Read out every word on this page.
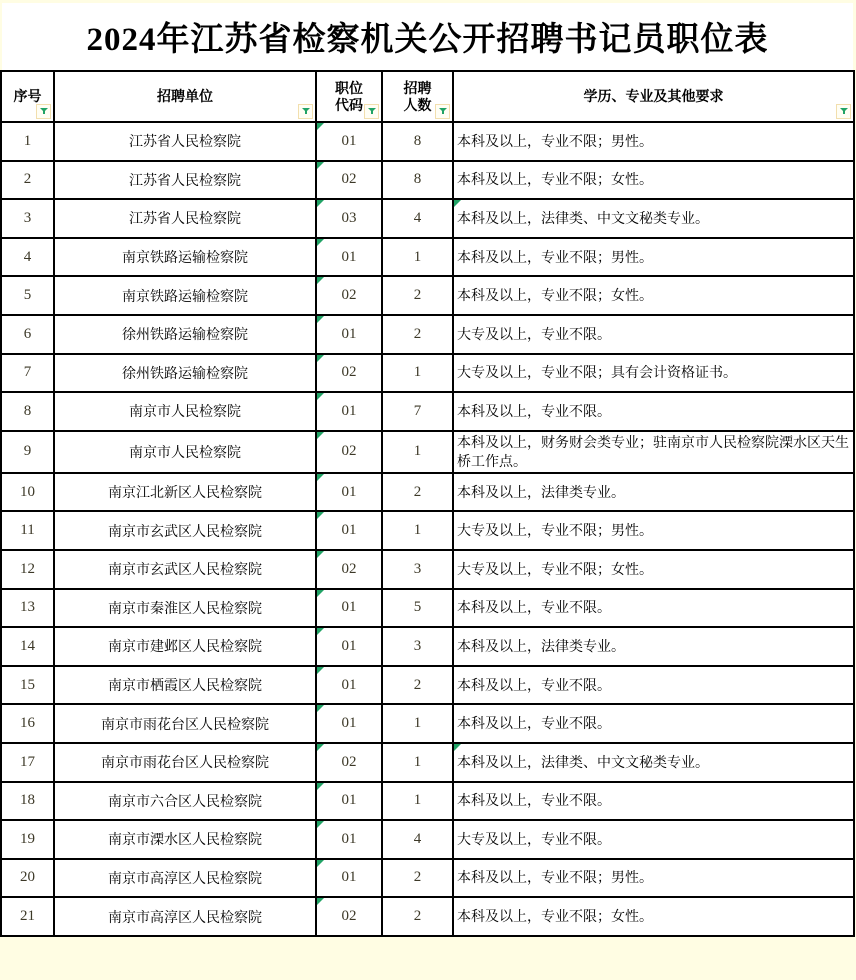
2024年江苏省检察机关公开招聘书记员职位表
序号	招聘单位	职位代码	招聘人数	学历、专业及其他要求

1	江苏省人民检察院	01	8	本科及以上，专业不限；男性。
2	江苏省人民检察院	02	8	本科及以上，专业不限；女性。
3	江苏省人民检察院	03	4	本科及以上，法律类、中文文秘类专业。
4	南京铁路运输检察院	01	1	本科及以上，专业不限；男性。
5	南京铁路运输检察院	02	2	本科及以上，专业不限；女性。
6	徐州铁路运输检察院	01	2	大专及以上，专业不限。
7	徐州铁路运输检察院	02	1	大专及以上，专业不限；具有会计资格证书。
8	南京市人民检察院	01	7	本科及以上，专业不限。
9	南京市人民检察院	02	1	本科及以上，财务财会类专业；驻南京市人民检察院溧水区天生桥工作点。
10	南京江北新区人民检察院	01	2	本科及以上，法律类专业。
11	南京市玄武区人民检察院	01	1	大专及以上，专业不限；男性。
12	南京市玄武区人民检察院	02	3	大专及以上，专业不限；女性。
13	南京市秦淮区人民检察院	01	5	本科及以上，专业不限。
14	南京市建邺区人民检察院	01	3	本科及以上，法律类专业。
15	南京市栖霞区人民检察院	01	2	本科及以上，专业不限。
16	南京市雨花台区人民检察院	01	1	本科及以上，专业不限。
17	南京市雨花台区人民检察院	02	1	本科及以上，法律类、中文文秘类专业。
18	南京市六合区人民检察院	01	1	本科及以上，专业不限。
19	南京市溧水区人民检察院	01	4	大专及以上，专业不限。
20	南京市高淳区人民检察院	01	2	本科及以上，专业不限；男性。
21	南京市高淳区人民检察院	02	2	本科及以上，专业不限；女性。
